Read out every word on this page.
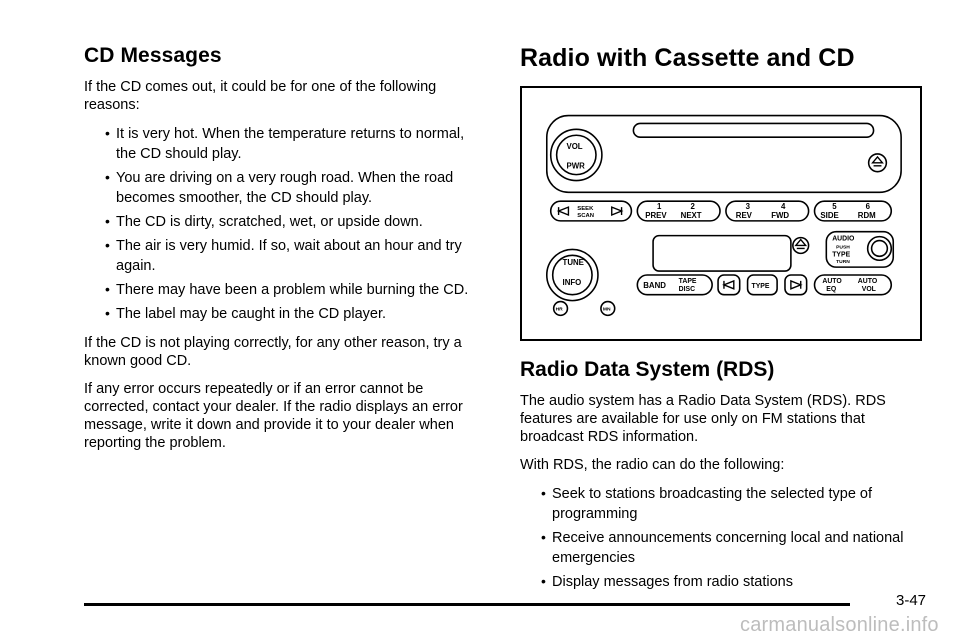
CD Messages

If the CD comes out, it could be for one of the following reasons:

• It is very hot. When the temperature returns to normal, the CD should play.
• You are driving on a very rough road. When the road becomes smoother, the CD should play.
• The CD is dirty, scratched, wet, or upside down.
• The air is very humid. If so, wait about an hour and try again.
• There may have been a problem while burning the CD.
• The label may be caught in the CD player.

If the CD is not playing correctly, for any other reason, try a known good CD.

If any error occurs repeatedly or if an error cannot be corrected, contact your dealer. If the radio displays an error message, write it down and provide it to your dealer when reporting the problem.

Radio with Cassette and CD
VOL
PWR
SEEK
SCAN
1
PREV
2
NEXT
3
REV
4
FWD
5
SIDE
6
RDM
AUDIO
PUSH
TYPE
TURN
TUNE
INFO	BAND TAPE
DISC	TYPE
AUTO
EQ
AUTO
VOL
HR	MN
Radio Data System (RDS)

The audio system has a Radio Data System (RDS). RDS features are available for use only on FM stations that broadcast RDS information.

With RDS, the radio can do the following:

• Seek to stations broadcasting the selected type of programming
• Receive announcements concerning local and national emergencies
• Display messages from radio stations
3-47
carmanualsonline.info
